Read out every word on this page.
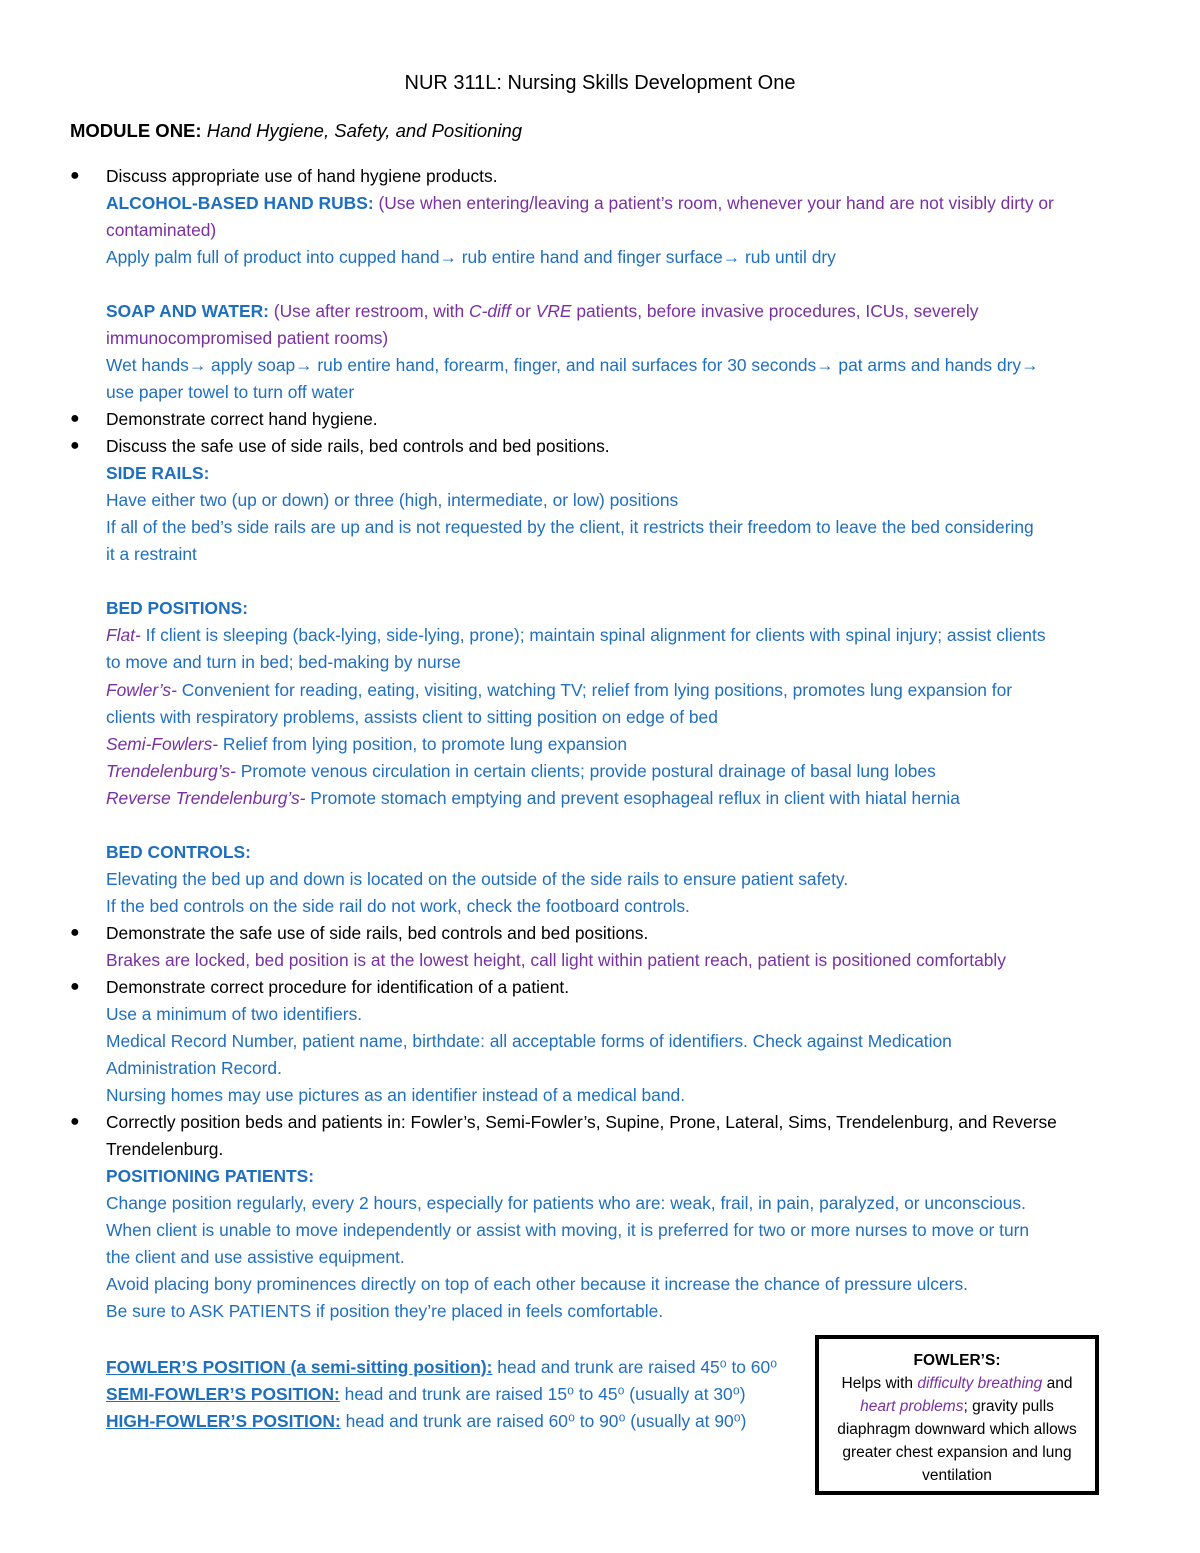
NUR 311L: Nursing Skills Development One
MODULE ONE: Hand Hygiene, Safety, and Positioning
● Discuss appropriate use of hand hygiene products.
ALCOHOL-BASED HAND RUBS: (Use when entering/leaving a patient’s room, whenever your hand are not visibly dirty or
contaminated)
Apply palm full of product into cupped hand→ rub entire hand and finger surface→ rub until dry
SOAP AND WATER: (Use after restroom, with C-diff or VRE patients, before invasive procedures, ICUs, severely
immunocompromised patient rooms)
Wet hands→ apply soap→ rub entire hand, forearm, finger, and nail surfaces for 30 seconds→ pat arms and hands dry→
use paper towel to turn off water
● Demonstrate correct hand hygiene.
● Discuss the safe use of side rails, bed controls and bed positions.
SIDE RAILS:
Have either two (up or down) or three (high, intermediate, or low) positions
If all of the bed’s side rails are up and is not requested by the client, it restricts their freedom to leave the bed considering
it a restraint
BED POSITIONS:
Flat- If client is sleeping (back-lying, side-lying, prone); maintain spinal alignment for clients with spinal injury; assist clients
to move and turn in bed; bed-making by nurse
Fowler’s- Convenient for reading, eating, visiting, watching TV; relief from lying positions, promotes lung expansion for
clients with respiratory problems, assists client to sitting position on edge of bed
Semi-Fowlers- Relief from lying position, to promote lung expansion
Trendelenburg’s- Promote venous circulation in certain clients; provide postural drainage of basal lung lobes
Reverse Trendelenburg’s- Promote stomach emptying and prevent esophageal reflux in client with hiatal hernia
BED CONTROLS:
Elevating the bed up and down is located on the outside of the side rails to ensure patient safety.
If the bed controls on the side rail do not work, check the footboard controls.
● Demonstrate the safe use of side rails, bed controls and bed positions.
Brakes are locked, bed position is at the lowest height, call light within patient reach, patient is positioned comfortably
● Demonstrate correct procedure for identification of a patient.
Use a minimum of two identifiers.
Medical Record Number, patient name, birthdate: all acceptable forms of identifiers. Check against Medication
Administration Record.
Nursing homes may use pictures as an identifier instead of a medical band.
● Correctly position beds and patients in: Fowler’s, Semi-Fowler’s, Supine, Prone, Lateral, Sims, Trendelenburg, and Reverse
Trendelenburg.
POSITIONING PATIENTS:
Change position regularly, every 2 hours, especially for patients who are: weak, frail, in pain, paralyzed, or unconscious.
When client is unable to move independently or assist with moving, it is preferred for two or more nurses to move or turn
the client and use assistive equipment.
Avoid placing bony prominences directly on top of each other because it increase the chance of pressure ulcers.
Be sure to ASK PATIENTS if position they’re placed in feels comfortable.
FOWLER’S POSITION (a semi-sitting position): head and trunk are raised 45⁰ to 60⁰
SEMI-FOWLER’S POSITION: head and trunk are raised 15⁰ to 45⁰ (usually at 30⁰)
HIGH-FOWLER’S POSITION: head and trunk are raised 60⁰ to 90⁰ (usually at 90⁰)
FOWLER’S:
Helps with difficulty breathing and
heart problems; gravity pulls
diaphragm downward which allows
greater chest expansion and lung
ventilation
